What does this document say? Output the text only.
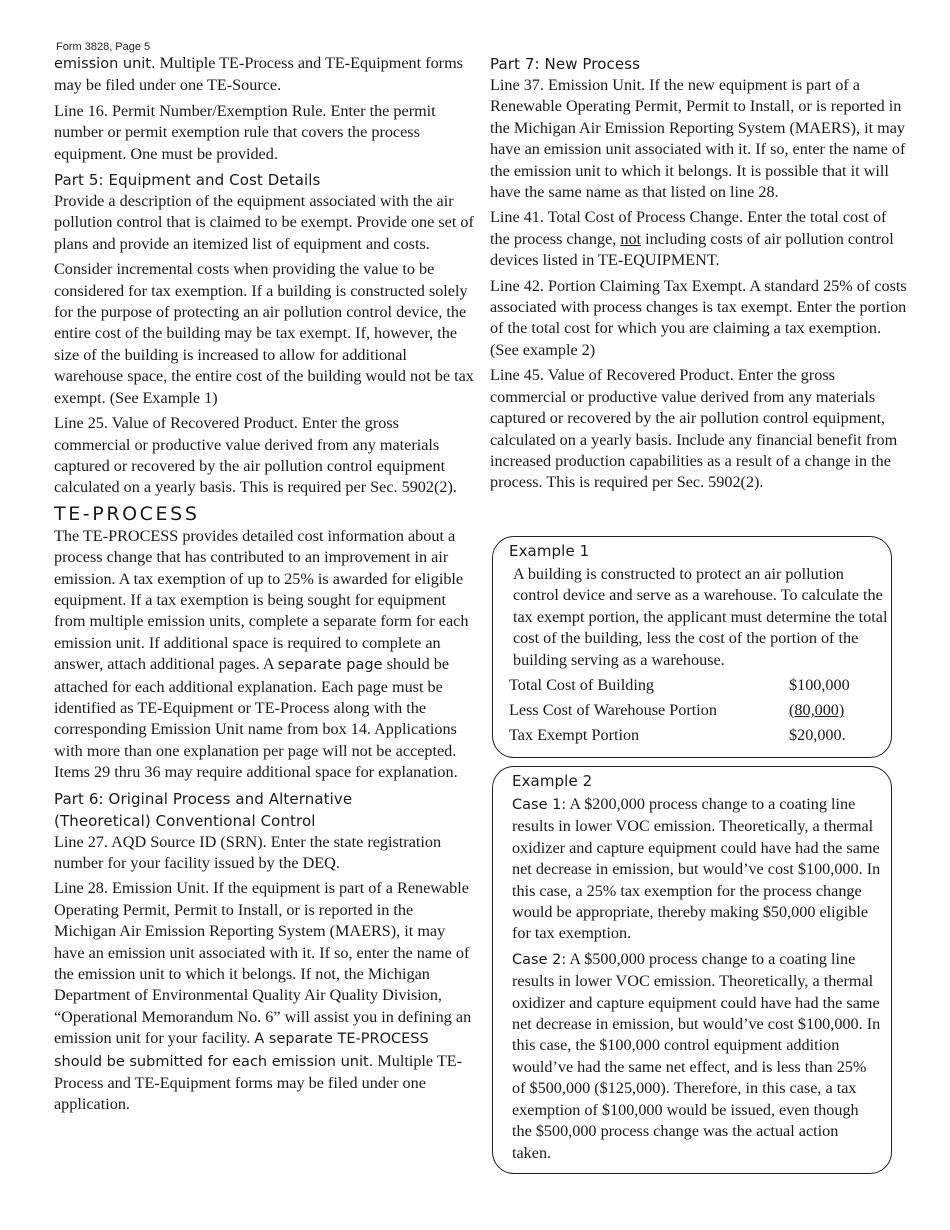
Form 3828, Page 5

emission unit. Multiple TE-Process and TE-Equipment forms may be filed under one TE-Source.

Line 16. Permit Number/Exemption Rule. Enter the permit number or permit exemption rule that covers the process equipment. One must be provided.

Part 5: Equipment and Cost Details

Provide a description of the equipment associated with the air pollution control that is claimed to be exempt. Provide one set of plans and provide an itemized list of equipment and costs.

Consider incremental costs when providing the value to be considered for tax exemption. If a building is constructed solely for the purpose of protecting an air pollution control device, the entire cost of the building may be tax exempt. If, however, the size of the building is increased to allow for additional warehouse space, the entire cost of the building would not be tax exempt. (See Example 1)

Line 25. Value of Recovered Product. Enter the gross commercial or productive value derived from any materials captured or recovered by the air pollution control equipment calculated on a yearly basis. This is required per Sec. 5902(2).

TE-PROCESS

The TE-PROCESS provides detailed cost information about a process change that has contributed to an improvement in air emission. A tax exemption of up to 25% is awarded for eligible equipment. If a tax exemption is being sought for equipment from multiple emission units, complete a separate form for each emission unit. If additional space is required to complete an answer, attach additional pages. A separate page should be attached for each additional explanation. Each page must be identified as TE-Equipment or TE-Process along with the corresponding Emission Unit name from box 14. Applications with more than one explanation per page will not be accepted. Items 29 thru 36 may require additional space for explanation.

Part 6: Original Process and Alternative
(Theoretical) Conventional Control

Line 27. AQD Source ID (SRN). Enter the state registration number for your facility issued by the DEQ.

Line 28. Emission Unit. If the equipment is part of a Renewable Operating Permit, Permit to Install, or is reported in the Michigan Air Emission Reporting System (MAERS), it may have an emission unit associated with it. If so, enter the name of the emission unit to which it belongs. If not, the Michigan Department of Environmental Quality Air Quality Division, “Operational Memorandum No. 6” will assist you in defining an emission unit for your facility. A separate TE-PROCESS should be submitted for each emission unit. Multiple TE-Process and TE-Equipment forms may be filed under one application.

Part 7: New Process

Line 37. Emission Unit. If the new equipment is part of a Renewable Operating Permit, Permit to Install, or is reported in the Michigan Air Emission Reporting System (MAERS), it may have an emission unit associated with it. If so, enter the name of the emission unit to which it belongs. It is possible that it will have the same name as that listed on line 28.

Line 41. Total Cost of Process Change. Enter the total cost of the process change, not including costs of air pollution control devices listed in TE-EQUIPMENT.

Line 42. Portion Claiming Tax Exempt. A standard 25% of costs associated with process changes is tax exempt. Enter the portion of the total cost for which you are claiming a tax exemption. (See example 2)

Line 45. Value of Recovered Product. Enter the gross commercial or productive value derived from any materials captured or recovered by the air pollution control equipment, calculated on a yearly basis. Include any financial benefit from increased production capabilities as a result of a change in the process. This is required per Sec. 5902(2).

Example 1

A building is constructed to protect an air pollution control device and serve as a warehouse. To calculate the tax exempt portion, the applicant must determine the total cost of the building, less the cost of the portion of the building serving as a warehouse.

Total Cost of Building	$100,000
Less Cost of Warehouse Portion	(80,000)
Tax Exempt Portion	$20,000.
Example 2

Case 1: A $200,000 process change to a coating line results in lower VOC emission. Theoretically, a thermal oxidizer and capture equipment could have had the same net decrease in emission, but would’ve cost $100,000. In this case, a 25% tax exemption for the process change would be appropriate, thereby making $50,000 eligible for tax exemption.

Case 2: A $500,000 process change to a coating line results in lower VOC emission. Theoretically, a thermal oxidizer and capture equipment could have had the same net decrease in emission, but would’ve cost $100,000. In this case, the $100,000 control equipment addition would’ve had the same net effect, and is less than 25% of $500,000 ($125,000). Therefore, in this case, a tax exemption of $100,000 would be issued, even though the $500,000 process change was the actual action taken.
